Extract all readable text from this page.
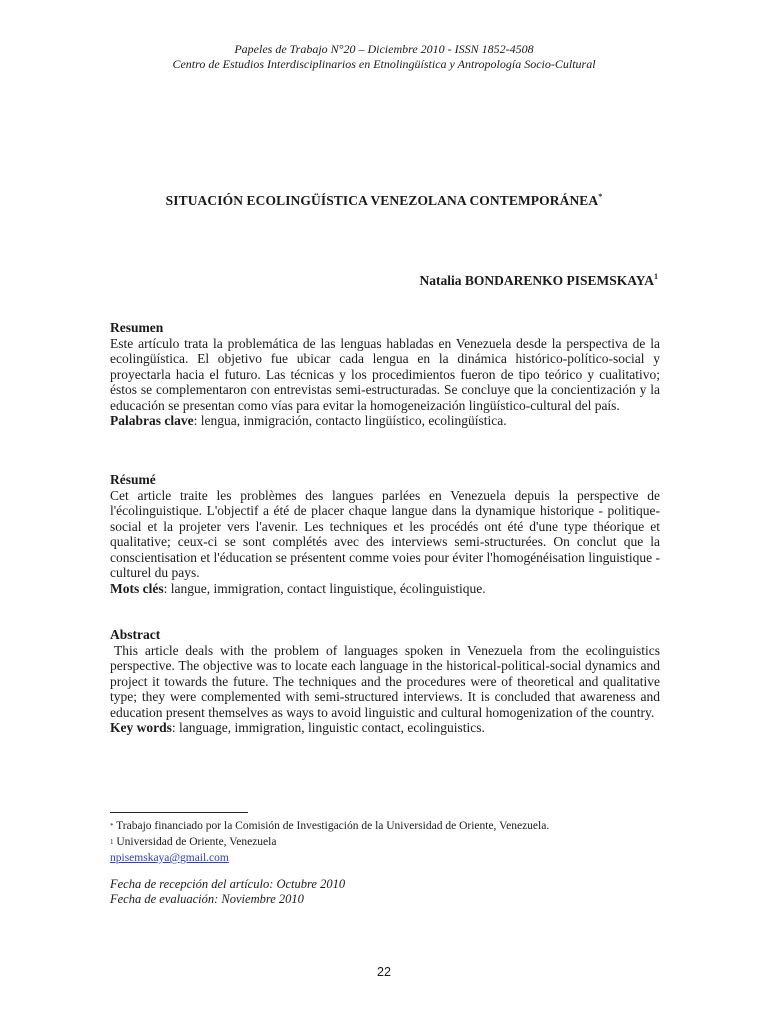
Papeles de Trabajo N°20 – Diciembre 2010 - ISSN 1852-4508
Centro de Estudios Interdisciplinarios en Etnolingüística y Antropología Socio-Cultural
SITUACIÓN ECOLINGÜÍSTICA VENEZOLANA CONTEMPORÁNEA*
Natalia BONDARENKO PISEMSKAYA$^1$
Resumen

Este artículo trata la problemática de las lenguas habladas en Venezuela desde la perspectiva de la ecolingüística. El objetivo fue ubicar cada lengua en la dinámica histórico-político-social y proyectarla hacia el futuro. Las técnicas y los procedimientos fueron de tipo teórico y cualitativo; éstos se complementaron con entrevistas semi-estructuradas. Se concluye que la concientización y la educación se presentan como vías para evitar la homogeneización lingüístico-cultural del país.

Palabras clave: lengua, inmigración, contacto lingüístico, ecolingüística.
Résumé

Cet article traite les problèmes des langues parlées en Venezuela depuis la perspective de l'écolinguistique. L'objectif a été de placer chaque langue dans la dynamique historique - politique-social et la projeter vers l'avenir. Les techniques et les procédés ont été d'une type théorique et qualitative; ceux-ci se sont complétés avec des interviews semi-structurées. On conclut que la conscientisation et l'éducation se présentent comme voies pour éviter l'homogénéisation linguistique - culturel du pays.

Mots clés: langue, immigration, contact linguistique, écolinguistique.
Abstract

This article deals with the problem of languages spoken in Venezuela from the ecolinguistics perspective. The objective was to locate each language in the historical-political-social dynamics and project it towards the future. The techniques and the procedures were of theoretical and qualitative type; they were complemented with semi-structured interviews. It is concluded that awareness and education present themselves as ways to avoid linguistic and cultural homogenization of the country.

Key words: language, immigration, linguistic contact, ecolinguistics.
* Trabajo financiado por la Comisión de Investigación de la Universidad de Oriente, Venezuela.
$^1$ Universidad de Oriente, Venezuela
npisemskaya@gmail.com
Fecha de recepción del artículo: Octubre 2010
Fecha de evaluación: Noviembre 2010
22
